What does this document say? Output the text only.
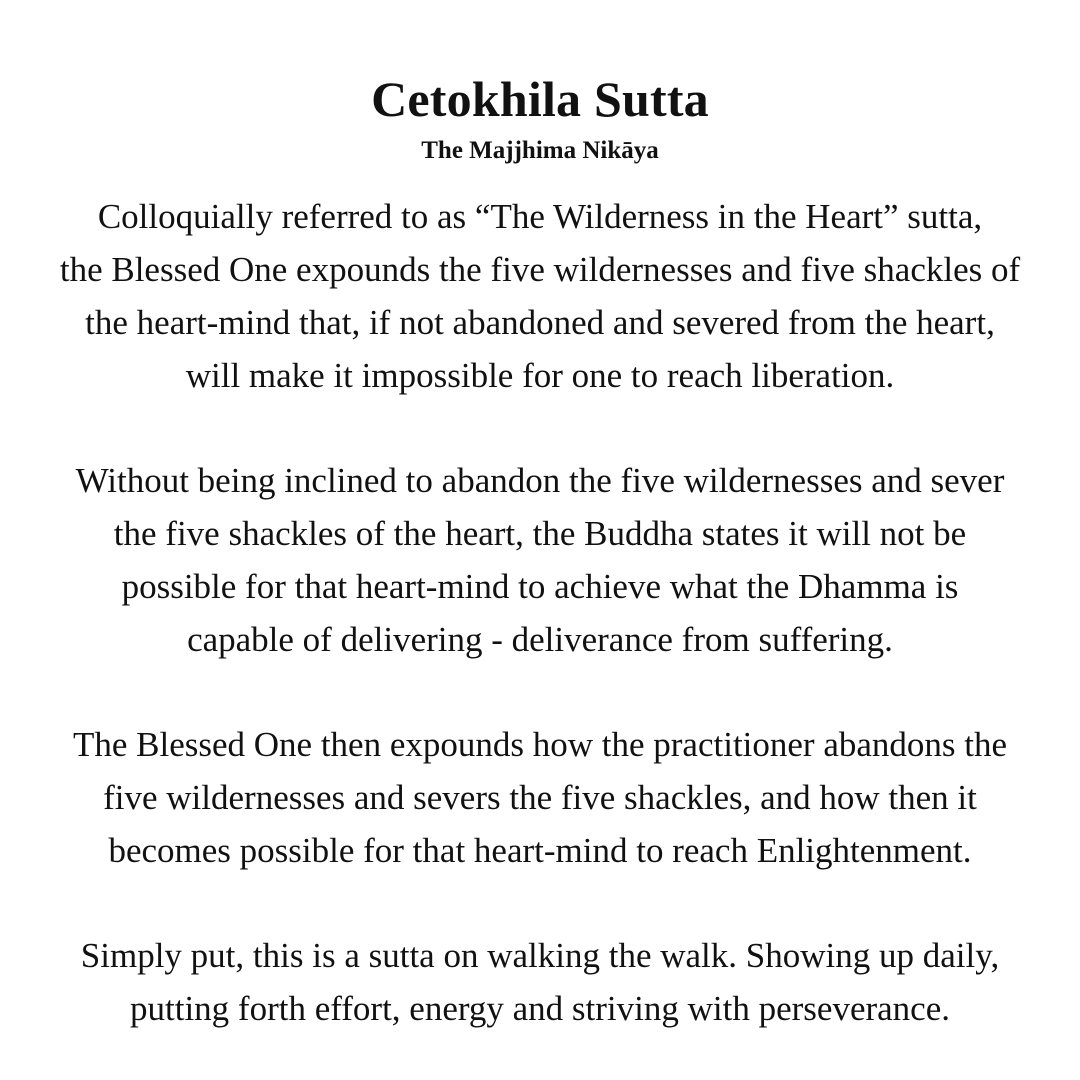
Cetokhila Sutta
The Majjhima Nikāya

Colloquially referred to as “The Wilderness in the Heart” sutta,
the Blessed One expounds the five wildernesses and five shackles of
the heart-mind that, if not abandoned and severed from the heart,
will make it impossible for one to reach liberation.

Without being inclined to abandon the five wildernesses and sever
the five shackles of the heart, the Buddha states it will not be
possible for that heart-mind to achieve what the Dhamma is
capable of delivering - deliverance from suffering.

The Blessed One then expounds how the practitioner abandons the
five wildernesses and severs the five shackles, and how then it
becomes possible for that heart-mind to reach Enlightenment.

Simply put, this is a sutta on walking the walk. Showing up daily,
putting forth effort, energy and striving with perseverance.
